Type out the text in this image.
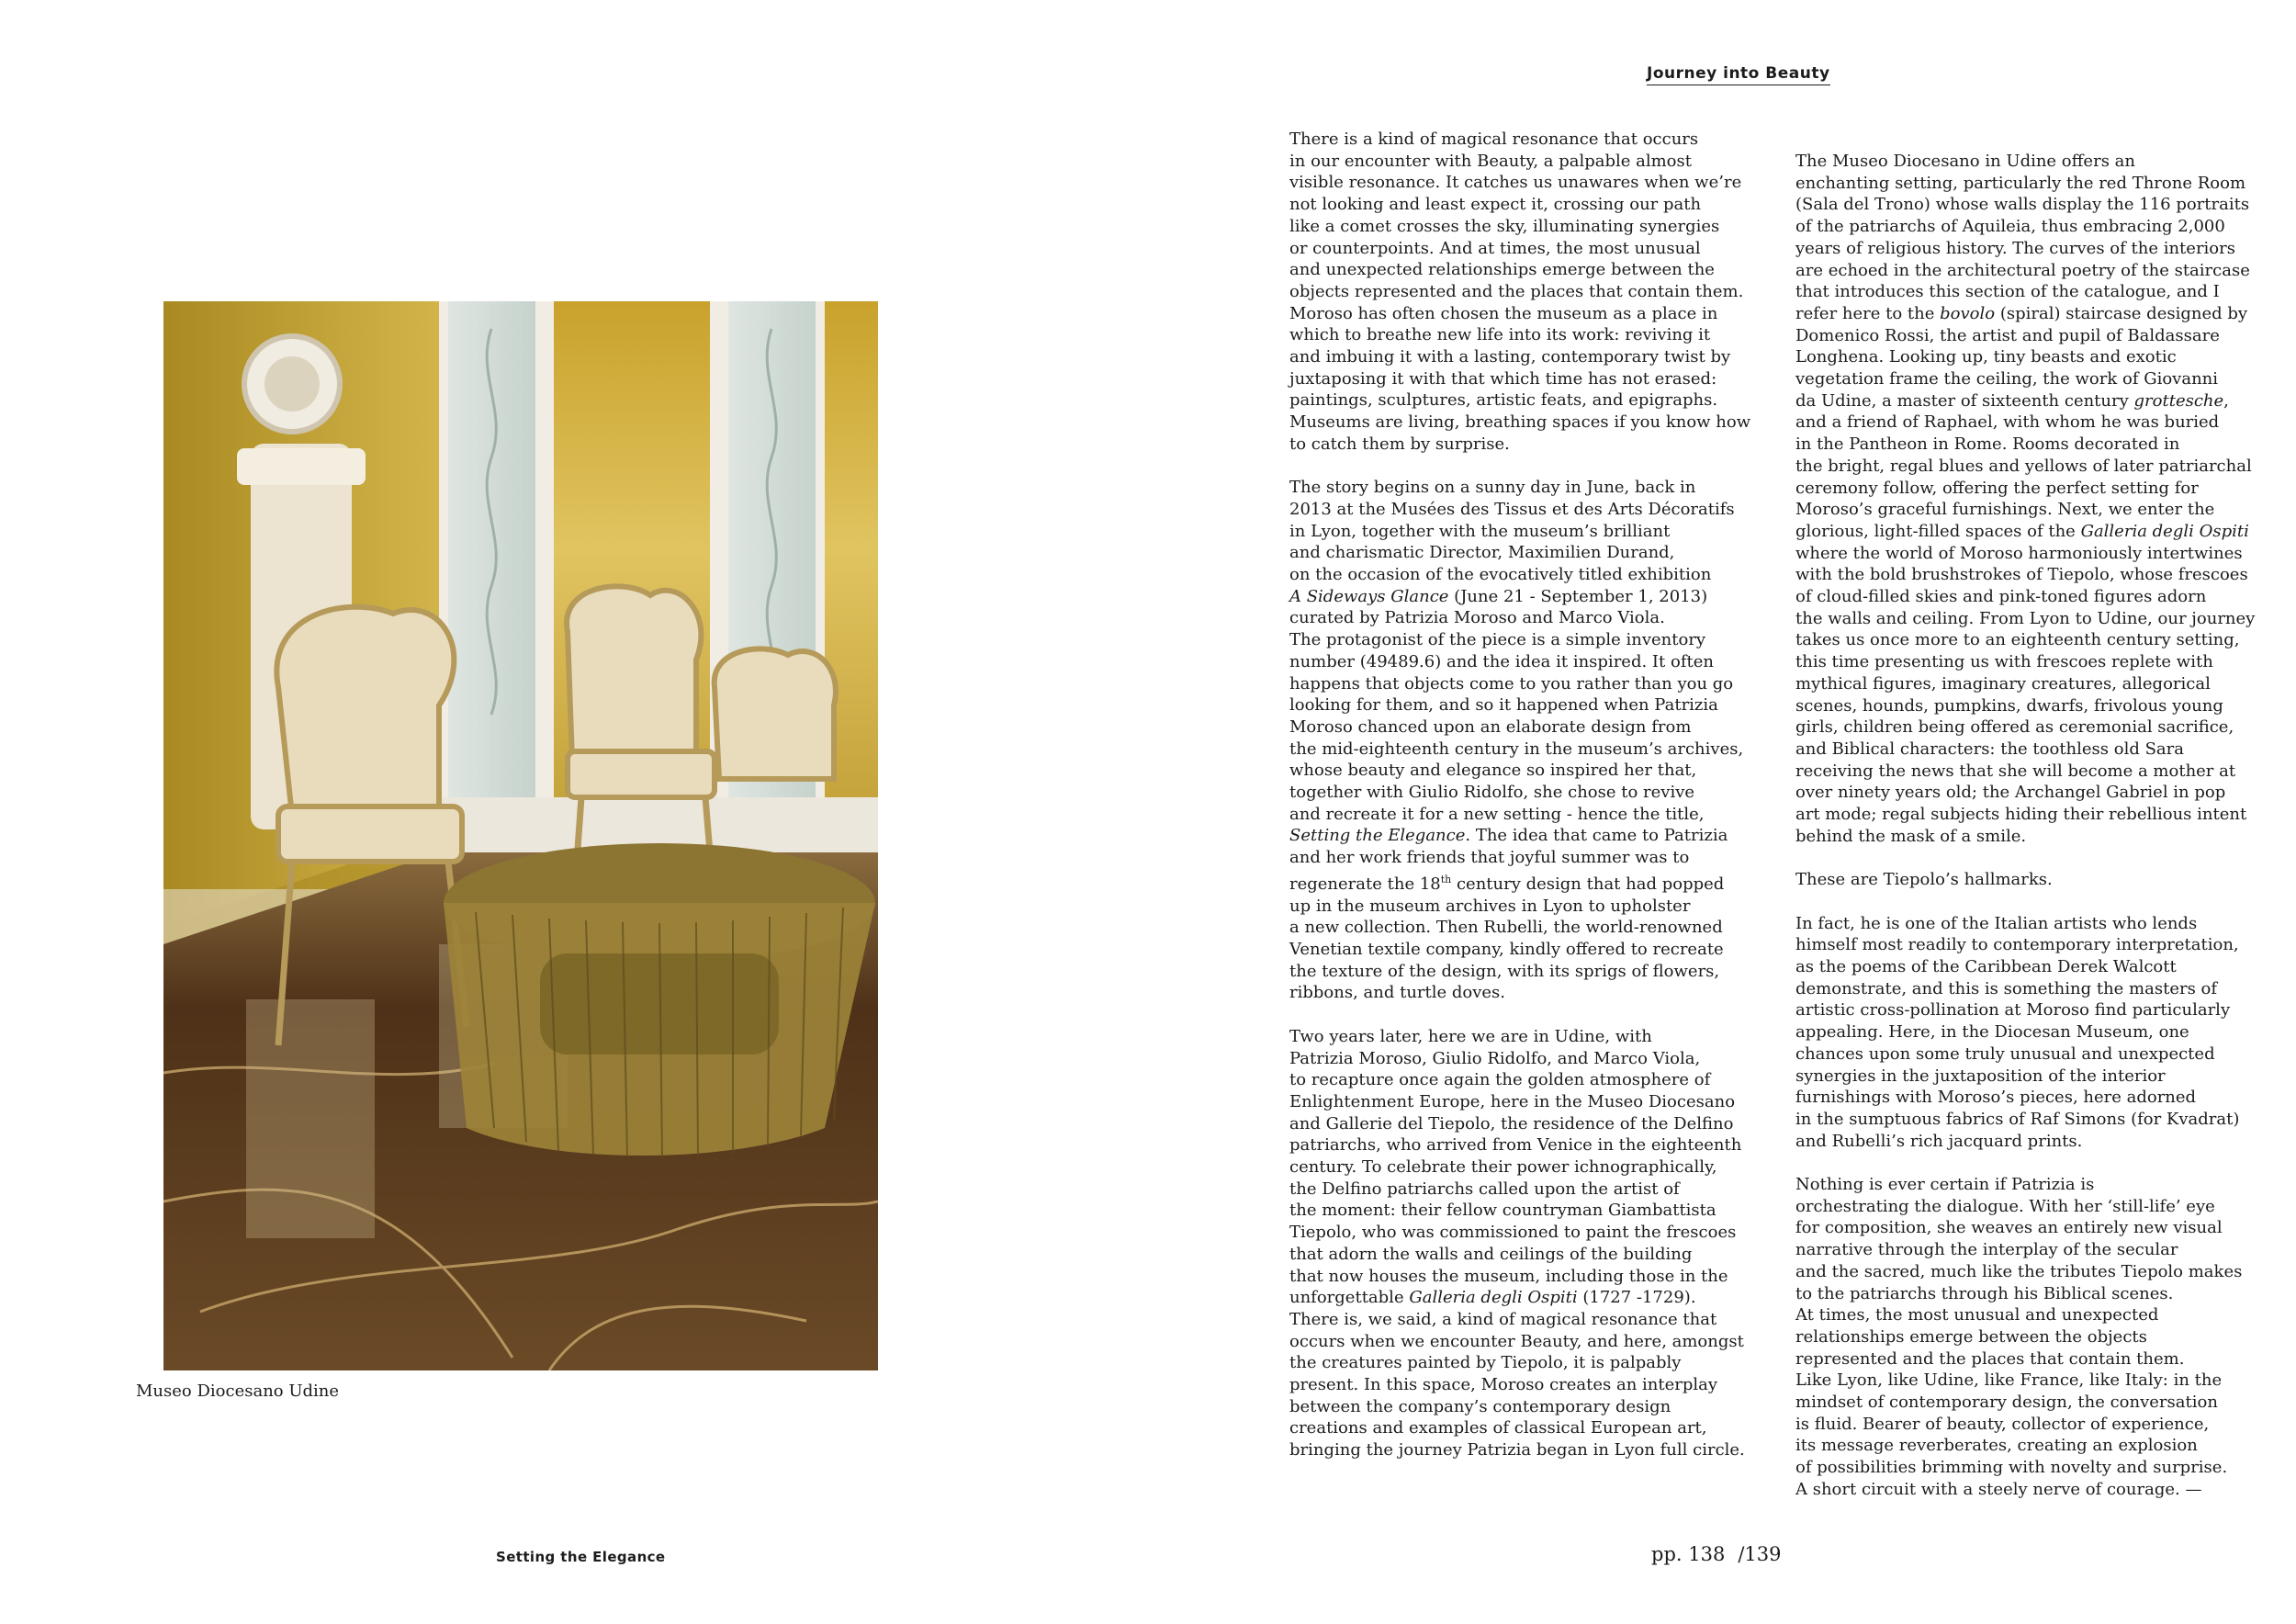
Museo Diocesano Udine
Setting the Elegance
Journey into Beauty

There is a kind of magical resonance that occurs
in our encounter with Beauty, a palpable almost
visible resonance. It catches us unawares when we’re
not looking and least expect it, crossing our path
like a comet crosses the sky, illuminating synergies
or counterpoints. And at times, the most unusual
and unexpected relationships emerge between the
objects represented and the places that contain them.
Moroso has often chosen the museum as a place in
which to breathe new life into its work: reviving it
and imbuing it with a lasting, contemporary twist by
juxtaposing it with that which time has not erased:
paintings, sculptures, artistic feats, and epigraphs.
Museums are living, breathing spaces if you know how
to catch them by surprise.

The story begins on a sunny day in June, back in
2013 at the Musées des Tissus et des Arts Décoratifs
in Lyon, together with the museum’s brilliant
and charismatic Director, Maximilien Durand,
on the occasion of the evocatively titled exhibition
A Sideways Glance (June 21 - September 1, 2013)
curated by Patrizia Moroso and Marco Viola.
The protagonist of the piece is a simple inventory
number (49489.6) and the idea it inspired. It often
happens that objects come to you rather than you go
looking for them, and so it happened when Patrizia
Moroso chanced upon an elaborate design from
the mid-eighteenth century in the museum’s archives,
whose beauty and elegance so inspired her that,
together with Giulio Ridolfo, she chose to revive
and recreate it for a new setting - hence the title,
Setting the Elegance. The idea that came to Patrizia
and her work friends that joyful summer was to
regenerate the 18th century design that had popped
up in the museum archives in Lyon to upholster
a new collection. Then Rubelli, the world-renowned
Venetian textile company, kindly offered to recreate
the texture of the design, with its sprigs of flowers,
ribbons, and turtle doves.

Two years later, here we are in Udine, with
Patrizia Moroso, Giulio Ridolfo, and Marco Viola,
to recapture once again the golden atmosphere of
Enlightenment Europe, here in the Museo Diocesano
and Gallerie del Tiepolo, the residence of the Delfino
patriarchs, who arrived from Venice in the eighteenth
century. To celebrate their power ichnographically,
the Delfino patriarchs called upon the artist of
the moment: their fellow countryman Giambattista
Tiepolo, who was commissioned to paint the frescoes
that adorn the walls and ceilings of the building
that now houses the museum, including those in the
unforgettable Galleria degli Ospiti (1727 -1729).
There is, we said, a kind of magical resonance that
occurs when we encounter Beauty, and here, amongst
the creatures painted by Tiepolo, it is palpably
present. In this space, Moroso creates an interplay
between the company’s contemporary design
creations and examples of classical European art,
bringing the journey Patrizia began in Lyon full circle.

The Museo Diocesano in Udine offers an
enchanting setting, particularly the red Throne Room
(Sala del Trono) whose walls display the 116 portraits
of the patriarchs of Aquileia, thus embracing 2,000
years of religious history. The curves of the interiors
are echoed in the architectural poetry of the staircase
that introduces this section of the catalogue, and I
refer here to the bovolo (spiral) staircase designed by
Domenico Rossi, the artist and pupil of Baldassare
Longhena. Looking up, tiny beasts and exotic
vegetation frame the ceiling, the work of Giovanni
da Udine, a master of sixteenth century grottesche,
and a friend of Raphael, with whom he was buried
in the Pantheon in Rome. Rooms decorated in
the bright, regal blues and yellows of later patriarchal
ceremony follow, offering the perfect setting for
Moroso’s graceful furnishings. Next, we enter the
glorious, light-filled spaces of the Galleria degli Ospiti
where the world of Moroso harmoniously intertwines
with the bold brushstrokes of Tiepolo, whose frescoes
of cloud-filled skies and pink-toned figures adorn
the walls and ceiling. From Lyon to Udine, our journey
takes us once more to an eighteenth century setting,
this time presenting us with frescoes replete with
mythical figures, imaginary creatures, allegorical
scenes, hounds, pumpkins, dwarfs, frivolous young
girls, children being offered as ceremonial sacrifice,
and Biblical characters: the toothless old Sara
receiving the news that she will become a mother at
over ninety years old; the Archangel Gabriel in pop
art mode; regal subjects hiding their rebellious intent
behind the mask of a smile.

These are Tiepolo’s hallmarks.

In fact, he is one of the Italian artists who lends
himself most readily to contemporary interpretation,
as the poems of the Caribbean Derek Walcott
demonstrate, and this is something the masters of
artistic cross-pollination at Moroso find particularly
appealing. Here, in the Diocesan Museum, one
chances upon some truly unusual and unexpected
synergies in the juxtaposition of the interior
furnishings with Moroso’s pieces, here adorned
in the sumptuous fabrics of Raf Simons (for Kvadrat)
and Rubelli’s rich jacquard prints.

Nothing is ever certain if Patrizia is
orchestrating the dialogue. With her ‘still-life’ eye
for composition, she weaves an entirely new visual
narrative through the interplay of the secular
and the sacred, much like the tributes Tiepolo makes
to the patriarchs through his Biblical scenes.
At times, the most unusual and unexpected
relationships emerge between the objects
represented and the places that contain them.
Like Lyon, like Udine, like France, like Italy: in the
mindset of contemporary design, the conversation
is fluid. Bearer of beauty, collector of experience,
its message reverberates, creating an explosion
of possibilities brimming with novelty and surprise.
A short circuit with a steely nerve of courage. —

pp. 138 /139
